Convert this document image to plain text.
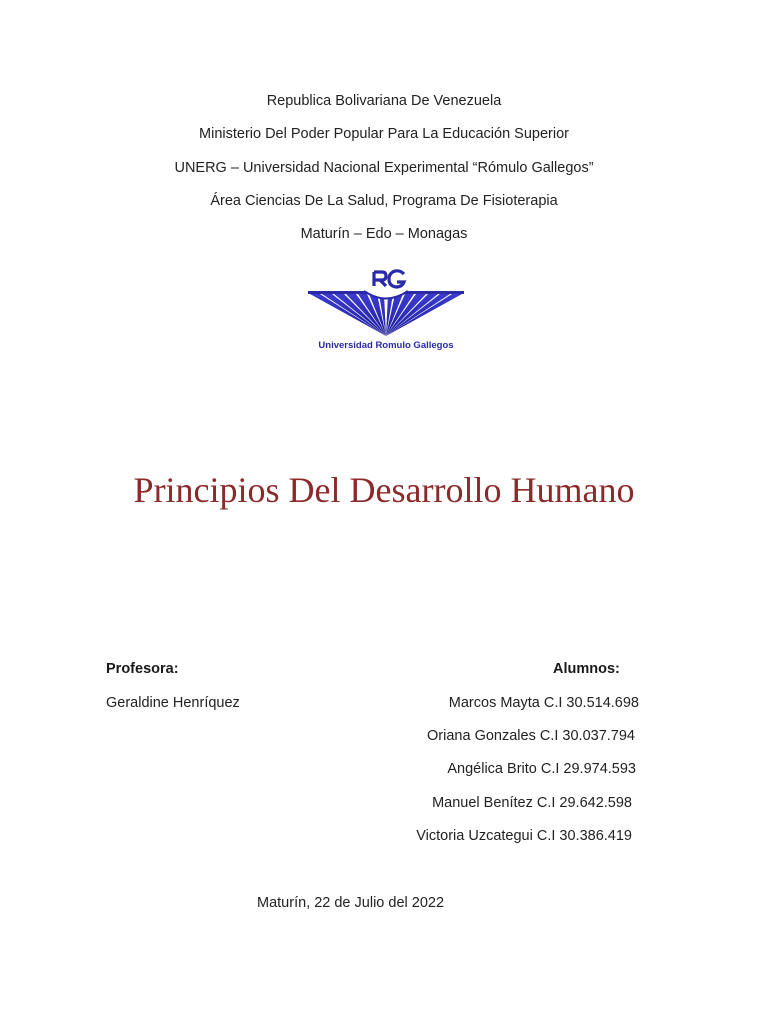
Republica Bolivariana De Venezuela
Ministerio Del Poder Popular Para La Educación Superior
UNERG – Universidad Nacional Experimental “Rómulo Gallegos”
Área Ciencias De La Salud, Programa De Fisioterapia
Maturín – Edo – Monagas
Universidad Romulo Gallegos
Principios Del Desarrollo Humano
Profesora:
Geraldine Henríquez
Alumnos:
Marcos Mayta C.I 30.514.698
Oriana Gonzales C.I 30.037.794
Angélica Brito C.I 29.974.593
Manuel Benítez C.I 29.642.598
Victoria Uzcategui C.I 30.386.419
Maturín, 22 de Julio del 2022
